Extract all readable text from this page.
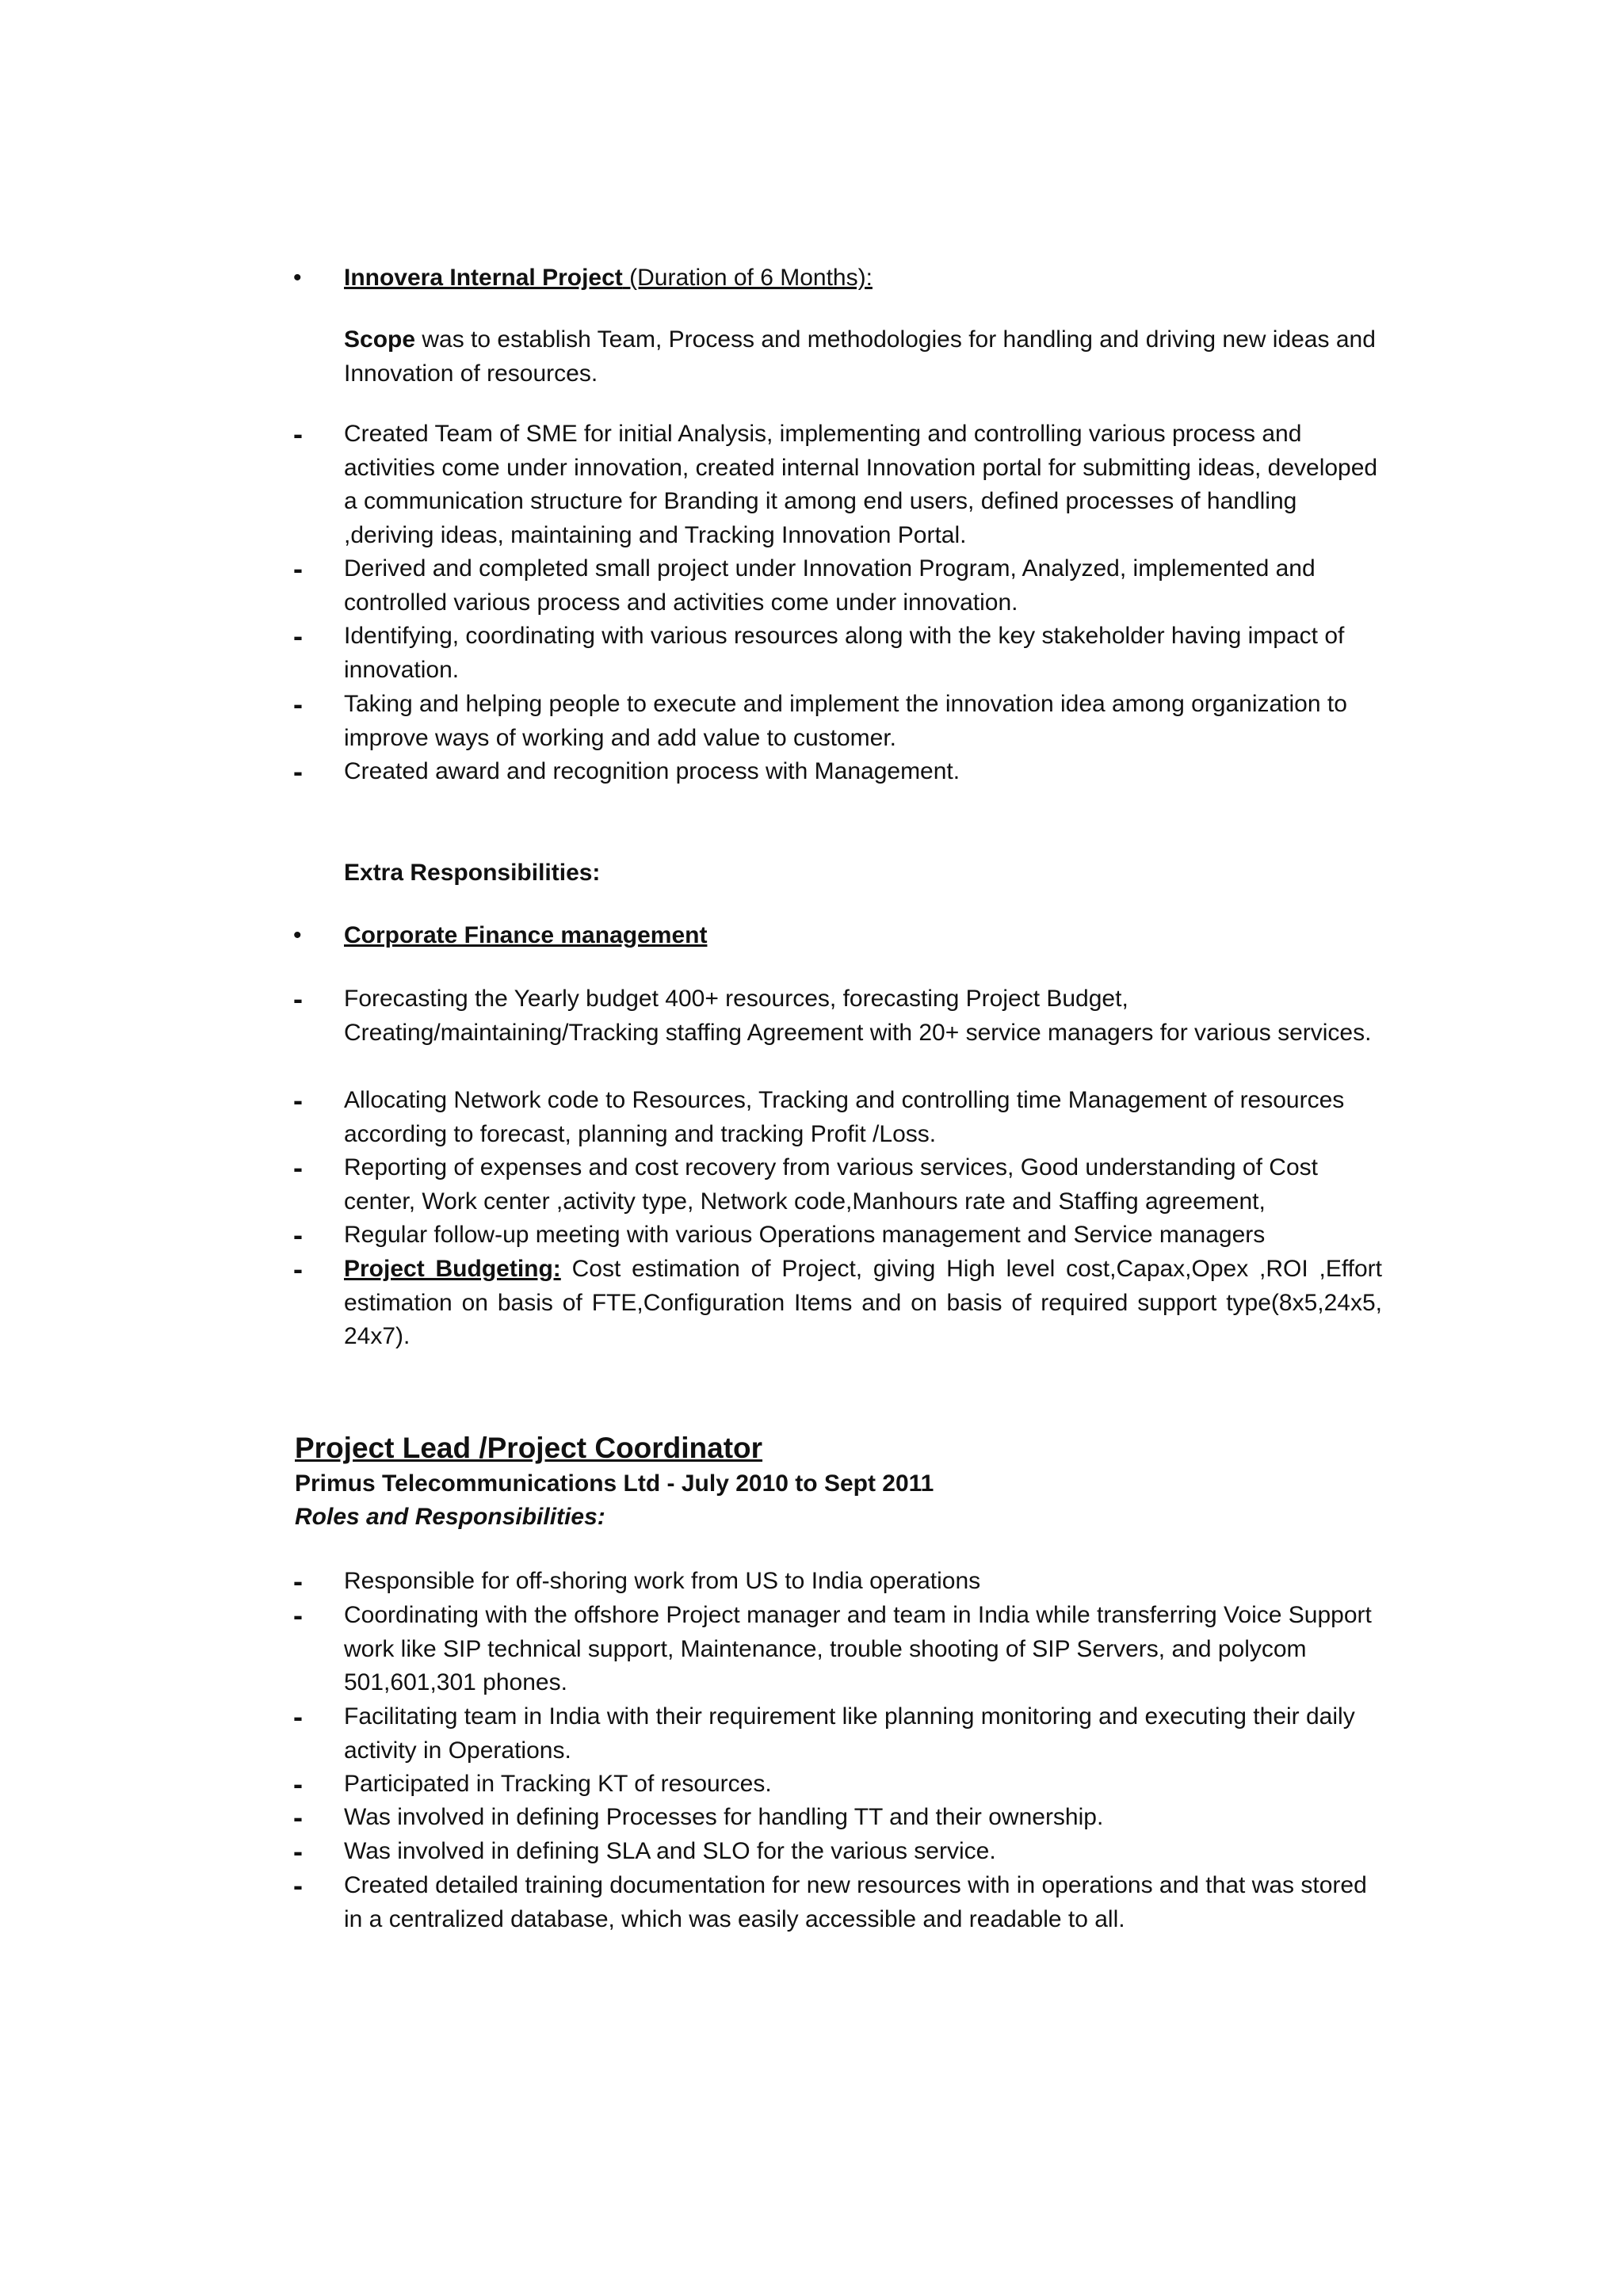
• Innovera Internal Project (Duration of 6 Months):
Scope was to establish Team, Process and methodologies for handling and driving new ideas and Innovation of resources.
- Created Team of SME for initial Analysis, implementing and controlling various process and activities come under innovation, created internal Innovation portal for submitting ideas, developed a communication structure for Branding it among end users, defined processes of handling ,deriving ideas, maintaining and Tracking Innovation Portal.
- Derived and completed small project under Innovation Program, Analyzed, implemented and controlled various process and activities come under innovation.
- Identifying, coordinating with various resources along with the key stakeholder having impact of innovation.
- Taking and helping people to execute and implement the innovation idea among organization to improve ways of working and add value to customer.
- Created award and recognition process with Management.
Extra Responsibilities:
• Corporate Finance management
- Forecasting the Yearly budget 400+ resources, forecasting Project Budget, Creating/maintaining/Tracking staffing Agreement with 20+ service managers for various services.
- Allocating Network code to Resources, Tracking and controlling time Management of resources according to forecast, planning and tracking Profit /Loss.
- Reporting of expenses and cost recovery from various services, Good understanding of Cost center, Work center ,activity type, Network code,Manhours rate and Staffing agreement,
- Regular follow-up meeting with various Operations management and Service managers
- Project Budgeting: Cost estimation of Project, giving High level cost,Capax,Opex ,ROI ,Effort estimation on basis of FTE,Configuration Items and on basis of required support type(8x5,24x5, 24x7).
Project Lead /Project Coordinator
Primus Telecommunications Ltd - July 2010 to Sept 2011
Roles and Responsibilities:
- Responsible for off-shoring work from US to India operations
- Coordinating with the offshore Project manager and team in India while transferring Voice Support work like SIP technical support, Maintenance, trouble shooting of SIP Servers, and polycom 501,601,301 phones.
- Facilitating team in India with their requirement like planning monitoring and executing their daily activity in Operations.
- Participated in Tracking KT of resources.
- Was involved in defining Processes for handling TT and their ownership.
- Was involved in defining SLA and SLO for the various service.
- Created detailed training documentation for new resources with in operations and that was stored in a centralized database, which was easily accessible and readable to all.
